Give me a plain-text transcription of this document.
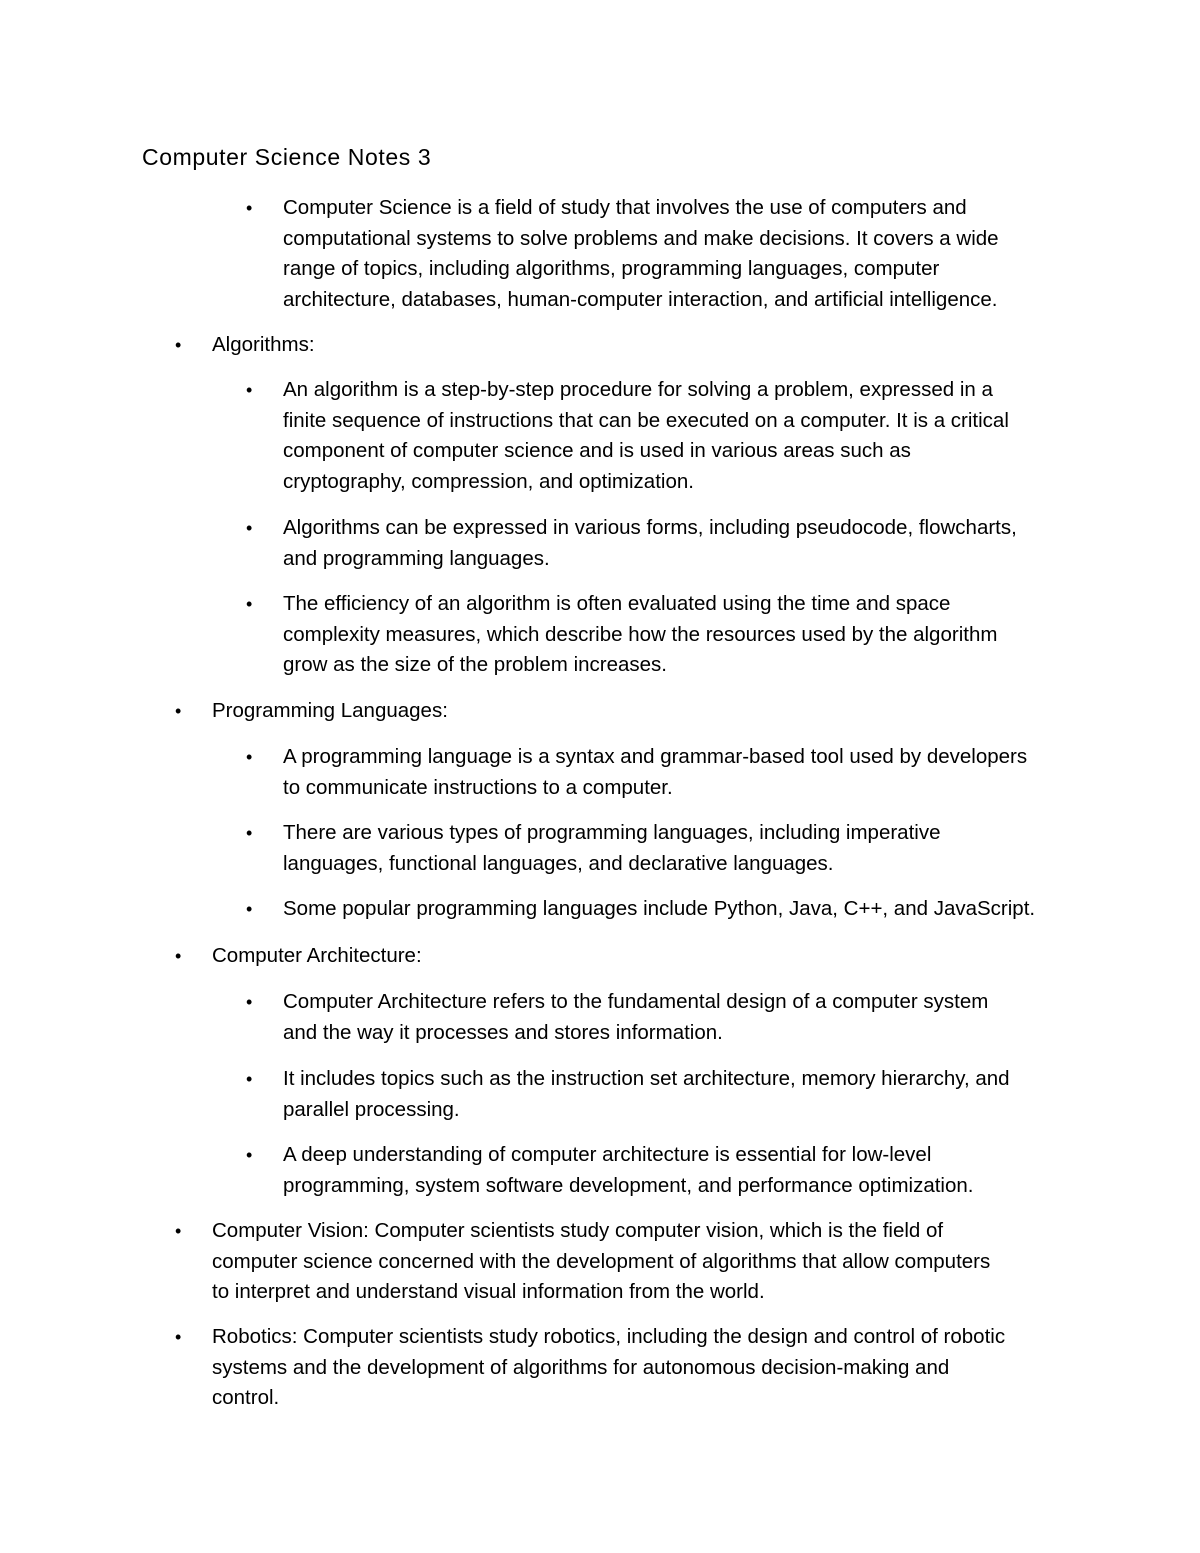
Computer Science Notes 3
• Computer Science is a field of study that involves the use of computers and
computational systems to solve problems and make decisions. It covers a wide
range of topics, including algorithms, programming languages, computer
architecture, databases, human-computer interaction, and artificial intelligence.
• Algorithms:
• An algorithm is a step-by-step procedure for solving a problem, expressed in a
finite sequence of instructions that can be executed on a computer. It is a critical
component of computer science and is used in various areas such as
cryptography, compression, and optimization.
• Algorithms can be expressed in various forms, including pseudocode, flowcharts,
and programming languages.
• The efficiency of an algorithm is often evaluated using the time and space
complexity measures, which describe how the resources used by the algorithm
grow as the size of the problem increases.
• Programming Languages:
• A programming language is a syntax and grammar-based tool used by developers
to communicate instructions to a computer.
• There are various types of programming languages, including imperative
languages, functional languages, and declarative languages.
• Some popular programming languages include Python, Java, C++, and JavaScript.
• Computer Architecture:
• Computer Architecture refers to the fundamental design of a computer system
and the way it processes and stores information.
• It includes topics such as the instruction set architecture, memory hierarchy, and
parallel processing.
• A deep understanding of computer architecture is essential for low-level
programming, system software development, and performance optimization.
• Computer Vision: Computer scientists study computer vision, which is the field of
computer science concerned with the development of algorithms that allow computers
to interpret and understand visual information from the world.
• Robotics: Computer scientists study robotics, including the design and control of robotic
systems and the development of algorithms for autonomous decision-making and
control.
